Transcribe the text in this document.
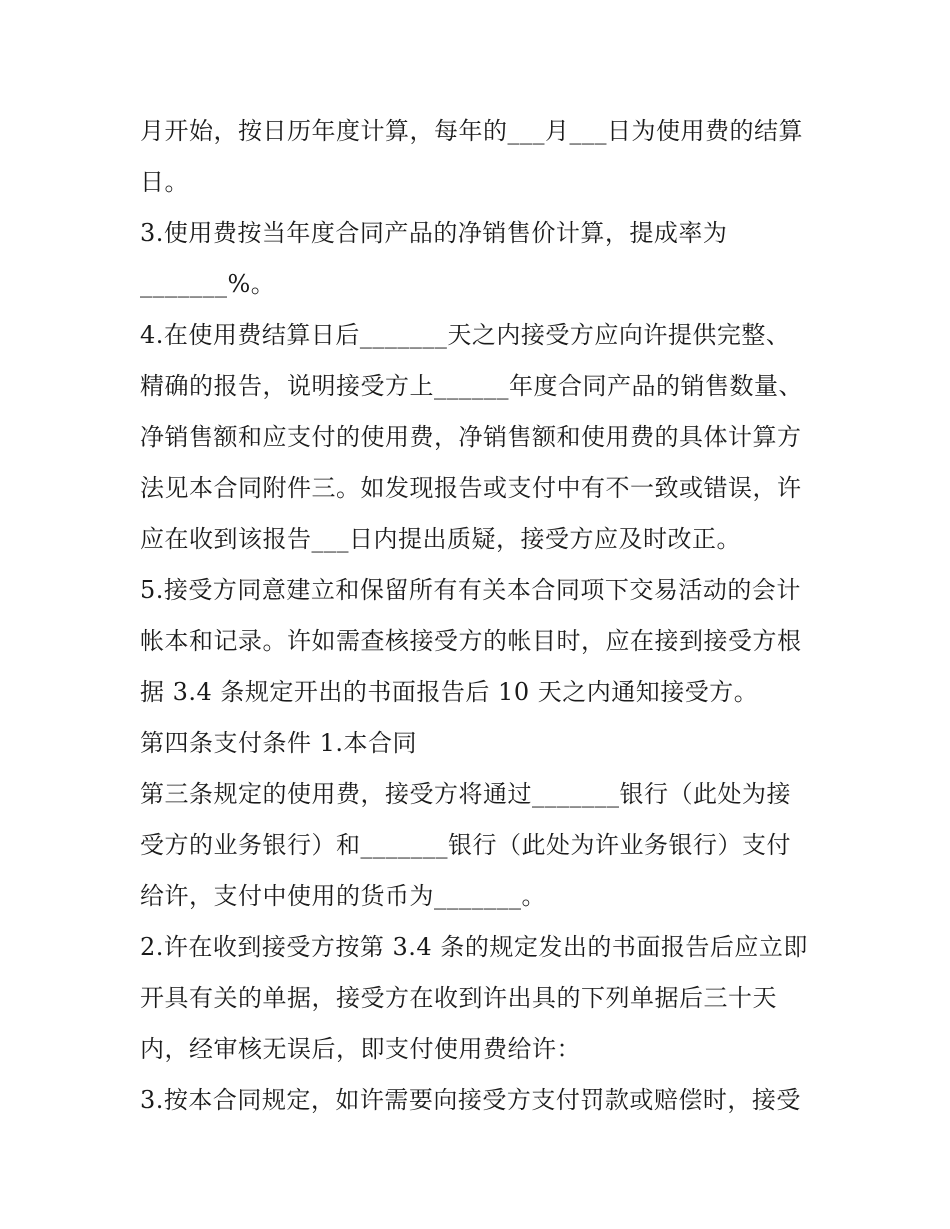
月开始，按日历年度计算，每年的___月___日为使用费的结算
日。
3.使用费按当年度合同产品的净销售价计算，提成率为
_______%。
4.在使用费结算日后_______天之内接受方应向许提供完整、
精确的报告，说明接受方上______年度合同产品的销售数量、
净销售额和应支付的使用费，净销售额和使用费的具体计算方
法见本合同附件三。如发现报告或支付中有不一致或错误，许
应在收到该报告___日内提出质疑，接受方应及时改正。
5.接受方同意建立和保留所有有关本合同项下交易活动的会计
帐本和记录。许如需查核接受方的帐目时，应在接到接受方根
据 3.4 条规定开出的书面报告后 10 天之内通知接受方。
第四条支付条件 1.本合同
第三条规定的使用费，接受方将通过_______银行（此处为接
受方的业务银行）和_______银行（此处为许业务银行）支付
给许，支付中使用的货币为_______。
2.许在收到接受方按第 3.4 条的规定发出的书面报告后应立即
开具有关的单据，接受方在收到许出具的下列单据后三十天
内，经审核无误后，即支付使用费给许：
3.按本合同规定，如许需要向接受方支付罚款或赔偿时，接受
